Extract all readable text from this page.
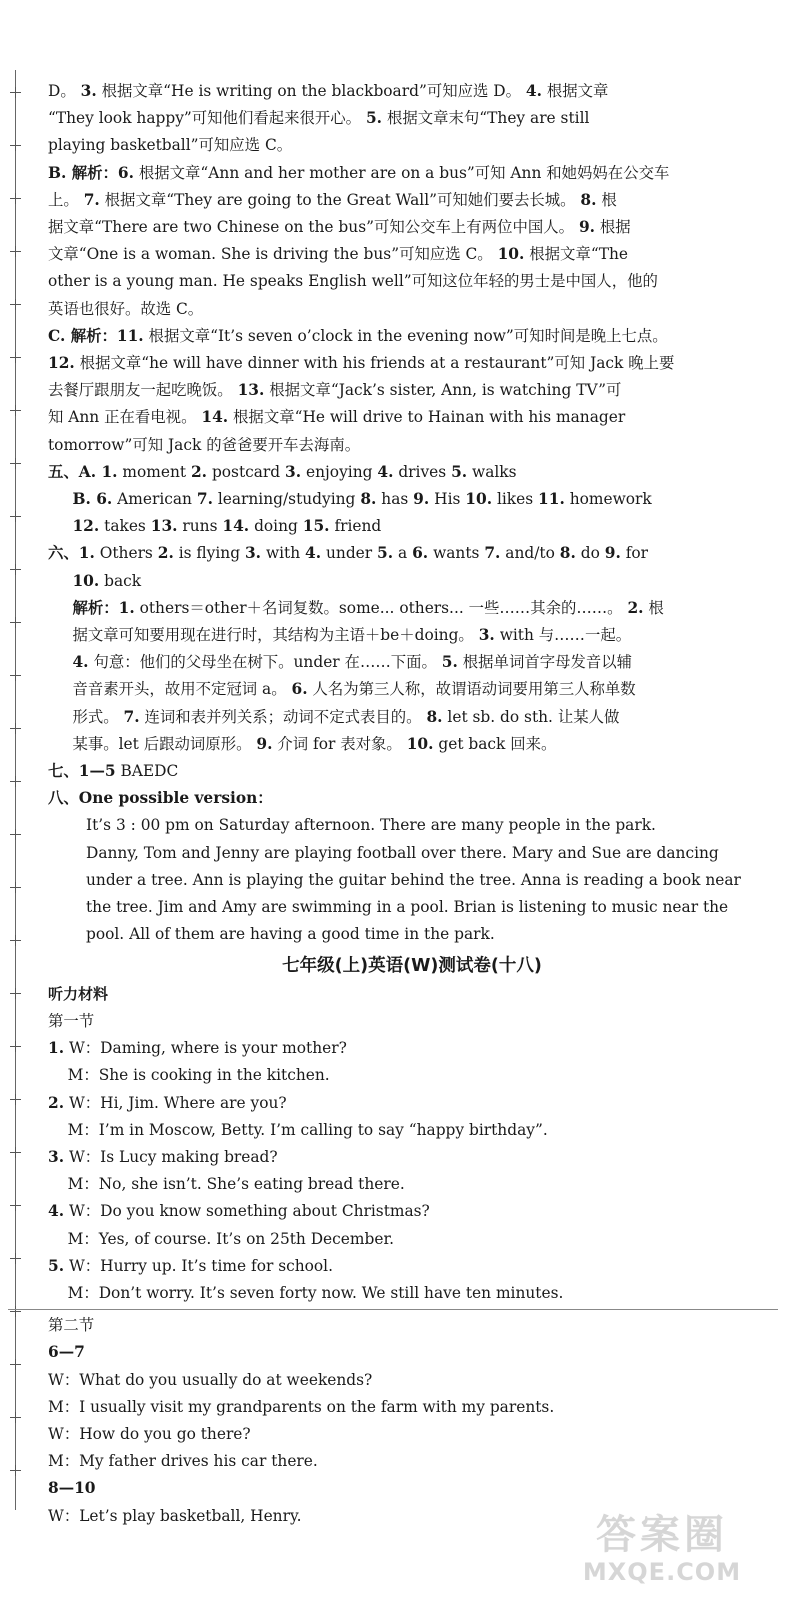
D。 3. 根据文章“He is writing on the blackboard”可知应选 D。 4. 根据文章

“They look happy”可知他们看起来很开心。 5. 根据文章末句“They are still

playing basketball”可知应选 C。

B. 解析：6. 根据文章“Ann and her mother are on a bus”可知 Ann 和她妈妈在公交车

上。 7. 根据文章“They are going to the Great Wall”可知她们要去长城。 8. 根

据文章“There are two Chinese on the bus”可知公交车上有两位中国人。 9. 根据

文章“One is a woman. She is driving the bus”可知应选 C。 10. 根据文章“The

other is a young man. He speaks English well”可知这位年轻的男士是中国人，他的

英语也很好。故选 C。

C. 解析：11. 根据文章“It’s seven o’clock in the evening now”可知时间是晚上七点。

12. 根据文章“he will have dinner with his friends at a restaurant”可知 Jack 晚上要

去餐厅跟朋友一起吃晚饭。 13. 根据文章“Jack’s sister, Ann, is watching TV”可

知 Ann 正在看电视。 14. 根据文章“He will drive to Hainan with his manager

tomorrow”可知 Jack 的爸爸要开车去海南。

五、A. 1. moment 2. postcard 3. enjoying 4. drives 5. walks

B. 6. American 7. learning/studying 8. has 9. His 10. likes 11. homework

12. takes 13. runs 14. doing 15. friend

六、1. Others 2. is flying 3. with 4. under 5. a 6. wants 7. and/to 8. do 9. for

10. back

解析：1. others＝other＋名词复数。some... others... 一些……其余的……。 2. 根

据文章可知要用现在进行时，其结构为主语＋be＋doing。 3. with 与……一起。

4. 句意：他们的父母坐在树下。under 在……下面。 5. 根据单词首字母发音以辅

音音素开头，故用不定冠词 a。 6. 人名为第三人称，故谓语动词要用第三人称单数

形式。 7. 连词和表并列关系；动词不定式表目的。 8. let sb. do sth. 让某人做

某事。let 后跟动词原形。 9. 介词 for 表对象。 10. get back 回来。

七、1—5 BAEDC

八、One possible version：

It’s 3 : 00 pm on Saturday afternoon. There are many people in the park.

Danny, Tom and Jenny are playing football over there. Mary and Sue are dancing

under a tree. Ann is playing the guitar behind the tree. Anna is reading a book near

the tree. Jim and Amy are swimming in a pool. Brian is listening to music near the

pool. All of them are having a good time in the park.

七年级(上)英语(W)测试卷(十八)

听力材料

第一节

1. W：Daming, where is your mother?

M：She is cooking in the kitchen.

2. W：Hi, Jim. Where are you?

M：I’m in Moscow, Betty. I’m calling to say “happy birthday”.

3. W：Is Lucy making bread?

M：No, she isn’t. She’s eating bread there.

4. W：Do you know something about Christmas?

M：Yes, of course. It’s on 25th December.

5. W：Hurry up. It’s time for school.

M：Don’t worry. It’s seven forty now. We still have ten minutes.

第二节

6—7

W：What do you usually do at weekends?

M：I usually visit my grandparents on the farm with my parents.

W：How do you go there?

M：My father drives his car there.

8—10

W：Let’s play basketball, Henry.	答案圈
MXQE.COM
